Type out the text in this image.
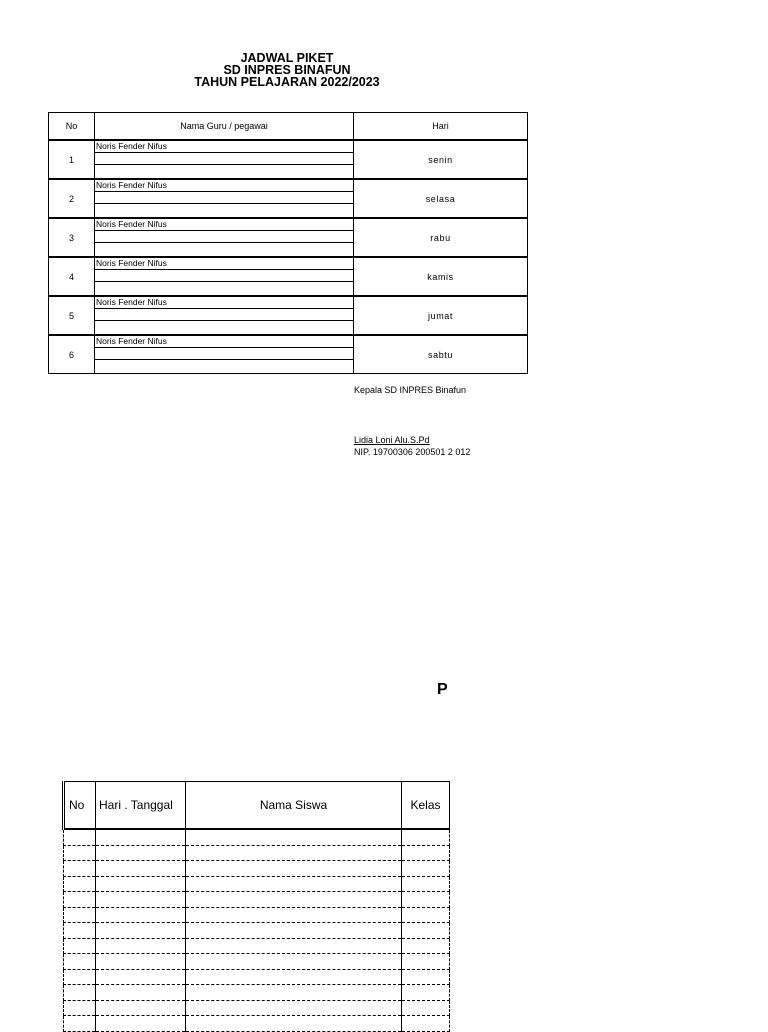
JADWAL PIKET
SD INPRES BINAFUN
TAHUN PELAJARAN 2022/2023
No	Nama Guru / pegawai	Hari
1	Noris Fender Nifus	senin
2	Noris Fender Nifus	selasa
3	Noris Fender Nifus	rabu
4	Noris Fender Nifus	kamis
5	Noris Fender Nifus	jumat
6	Noris Fender Nifus	sabtu
Kepala SD INPRES Binafun
Lidia Loni Alu.S.Pd
NIP. 19700306 200501 2 012
P
No	Hari . Tanggal	Nama Siswa	Kelas
